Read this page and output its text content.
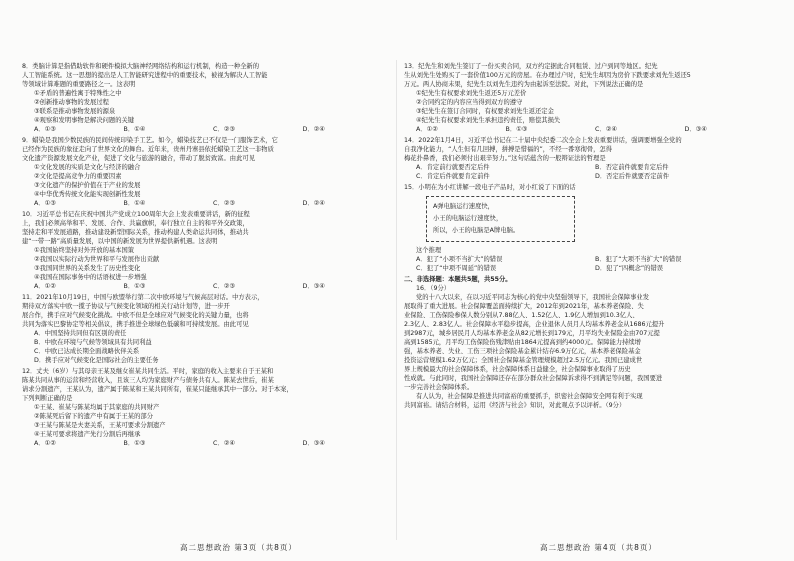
8．类脑计算是指借助软件和硬件模拟大脑神经网络结构和运行机制，构造一种全新的
人工智能系统。这一思想的提出是人工智能研究进程中的重要技术，被视为解决人工智能
等领域计算难题的重要路径之一。这表明
①矛盾的普遍性寓于特殊性之中
②创新推动事物的发展过程
③联系是推动事物发展的源泉
④观察和发明事物是解决问题的关键
A．①③	B．①④	C．②③	D．②④
9．蜡染是我国少数民族的民间传统印染手工艺。如今，蜡染技艺已不仅是一门服饰艺术，它
已经作为民族的象征走向了世界文化的舞台。近年来，贵州丹寨县依托蜡染工艺这一非物质
文化遗产资源发展文化产业，促进了文化与旅游的融合，带动了脱贫致富。由此可见
①文化发展的实质是文化与经济的融合
②文化是提高竞争力的重要因素
③文化遗产的保护价值在于产业的发展
④中华优秀传统文化能实现创新性发展
A．①③	B．①④	C．②③	D．②④
10．习近平总书记在庆祝中国共产党成立100周年大会上发表重要讲话，新的征程
上，我们必须高举和平、发展、合作、共赢旗帜，奉行独立自主的和平外交政策，
坚持走和平发展道路，推动建设新型国际关系，推动构建人类命运共同体，推动共
建“一带一路”高质量发展，以中国的新发展为世界提供新机遇。这表明
①我国始终坚持对外开放的基本国策
②我国以实际行动为世界和平与发展作出贡献
③我国同世界的关系发生了历史性变化
④我国在国际事务中的话语权进一步增强
A．①②	B．①③	C．②③	D．③④
11．2021年10月19日，中国与欧盟举行第二次中欧环境与气候高层对话。中方表示，
期待双方落实中欧一揽子协议与气候变化领域的相关行动计划等，进一步开
展合作，携手应对气候变化挑战。中欧不但是全球应对气候变化的关键力量，也将
共同为落实巴黎协定等相关倡议，携手推进全球绿色低碳和可持续发展。由此可见
A．中国坚持共同但有区别的责任
B．中欧在环境与气候等领域具有共同利益
C．中欧已达成长期全面战略伙伴关系
D．携手应对气候变化是国际社会的主要任务
12．丈夫（6岁）与其母亲王某及继女崔某共同生活。平时，家庭的收入主要来自于王某和
陈某共同从事的运营和经营收入，且该三人均为家庭财产与债务共有人。陈某去世后，崔某
请求分割遗产，王某认为，遗产属于陈某和王某共同所有，崔某只能继承其中一部分。对于本案，
下列判断正确的是
①王某、崔某与陈某均属于其家庭的共同财产
②陈某死后留下的遗产中有属于王某的部分
③王某与陈某是夫妻关系，王某可要求分割遗产
④王某可要求将遗产先行分割后再继承
A．①②	B．①③	C．②④	D．③④
13．纪先生和刘先生签订了一份买卖合同，双方约定据此合同租赁、过户到同等地区。纪先
生从刘先生处购买了一套价值100万元的房屋。在办理过户时，纪先生却因为房价下跌要求刘先生返还5
万元。两人协商未果，纪先生以刘先生违约为由起诉至法院。对此，下列说法正确的是
①纪先生有权要求刘先生返还5万元差价
②合同约定的内容应当得到双方的遵守
③纪先生在签订合同时，有权要求刘先生返还定金
④纪先生有权要求刘先生承担违约责任，赔偿其损失
A．①②	B．①③	C．②④	D．③④
14．2022年1月4日，习近平总书记在二十届中央纪委二次全会上发表重要讲话，强调要增强全党的
自我净化能力，“人生但有几回搏，拼搏是惜福的”，不经一番寒彻骨，怎得
梅花扑鼻香，我们必须付出艰辛努力。”这句话蕴含的一般辩证法的哲理是
A．肯定前行就要否定后件	B．否定前件就要肯定后件
C．肯定后件就要肯定前件	D．否定后件就要否定前件
15．小明在为小红讲解一段电子产品时，对小红说了下面的话
A弹电脑运行速度快，
小王的电脑运行速度快，
所以，小王的电脑是A牌电脑。
这个推理
A．犯了“小项不当扩大”的错误	B．犯了“大项不当扩大”的错误
C．犯了“中项不周延”的错误	D．犯了“四概念”的错误
二、非选择题：本题共5题，共55分。
16．（9分）
党的十八大以来，在以习近平同志为核心的党中央坚强领导下，我国社会保障事业发
展取得了重大进展。社会保障覆盖面持续扩大，2012年到2021年，基本养老保险、失
业保险、工伤保险参保人数分别从7.88亿人、1.52亿人、1.9亿人增加到10.3亿人、
2.3亿人、2.83亿人。社会保障水平稳步提高，企业退休人员月人均基本养老金从1686元提升
到2987元，城乡居民月人均基本养老金从82元增长到179元，月平均失业保险金由707元提
高到1585元，月平均工伤保险伤残津贴由1864元提高到约4000元。保障能力持续增
强，基本养老、失业、工伤三项社会保险基金累计结存6.9万亿元，基本养老保险基金
投资运营规模1.62万亿元；全国社会保障基金管理规模超过2.5万亿元。我国已建成世
界上规模最大的社会保障体系，社会保障体系日益健全，社会保障事业取得了历史
性成就。与此同时，我国社会保障还存在部分群众社会保障诉求得不到满足等问题，我国要进
一步完善社会保障体系。
有人认为，社会保障是推进共同富裕的重要抓手，织密社会保障安全网有利于实现
共同富裕。请结合材料，运用《经济与社会》知识，对此观点予以评析。（9分）
高二思想政治 第3页（共8页）	高二思想政治 第4页（共8页）
